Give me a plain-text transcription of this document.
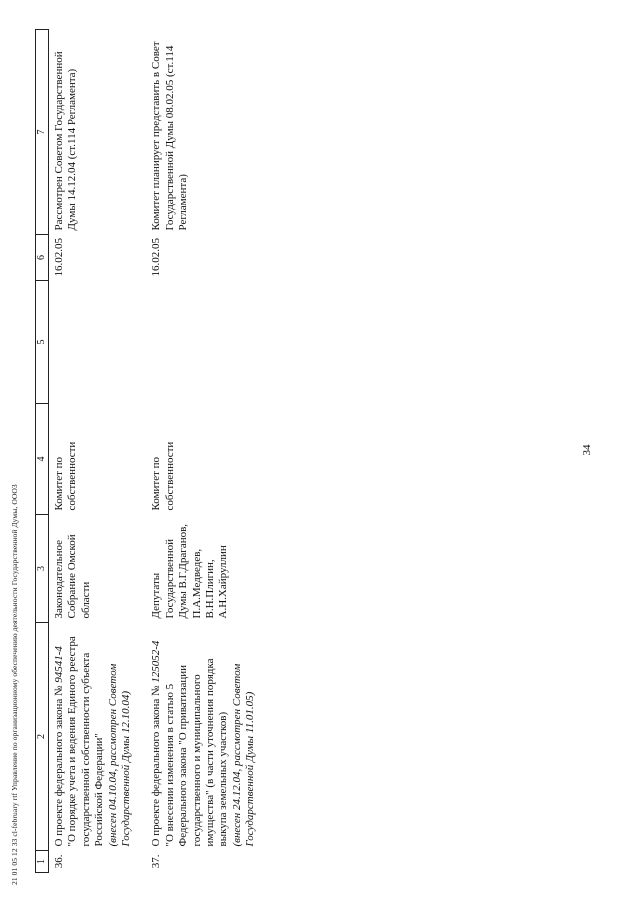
21 01 05 12 33 cl-february rtf Управление по организационному обеспечению деятельности Государственной Думы, ООО3 1	2	3	4	5	6	7
36.	О проекте федерального закона № 94541-4 "О порядке учета и ведения Единого реестра государственной собственности субъекта Российской Федерации" (внесен 04.10.04, рассмотрен Советом Государственной Думы 12.10.04)	Законодательное Собрание Омской области	Комитет по собственности		16.02.05	Рассмотрен Советом Государственной Думы 14.12.04 (ст.114 Регламента)
37.	О проекте федерального закона № 125052-4
"О внесении изменения в статью 5 Федерального закона "О приватизации государственного и муниципального имущества" (в части уточнения порядка выкупа земельных участков) (внесен 24.12.04, рассмотрен Советом Государственной Думы 11.01.05)	Депутаты Государственной Думы В.Г.Драганов, П.А.Медведев, В.Н.Плигин, А.Н.Хайруллин	Комитет по собственности		16.02.05	Комитет планирует представить в Совет Государственной Думы 08.02.05 (ст.114 Регламента)
34
